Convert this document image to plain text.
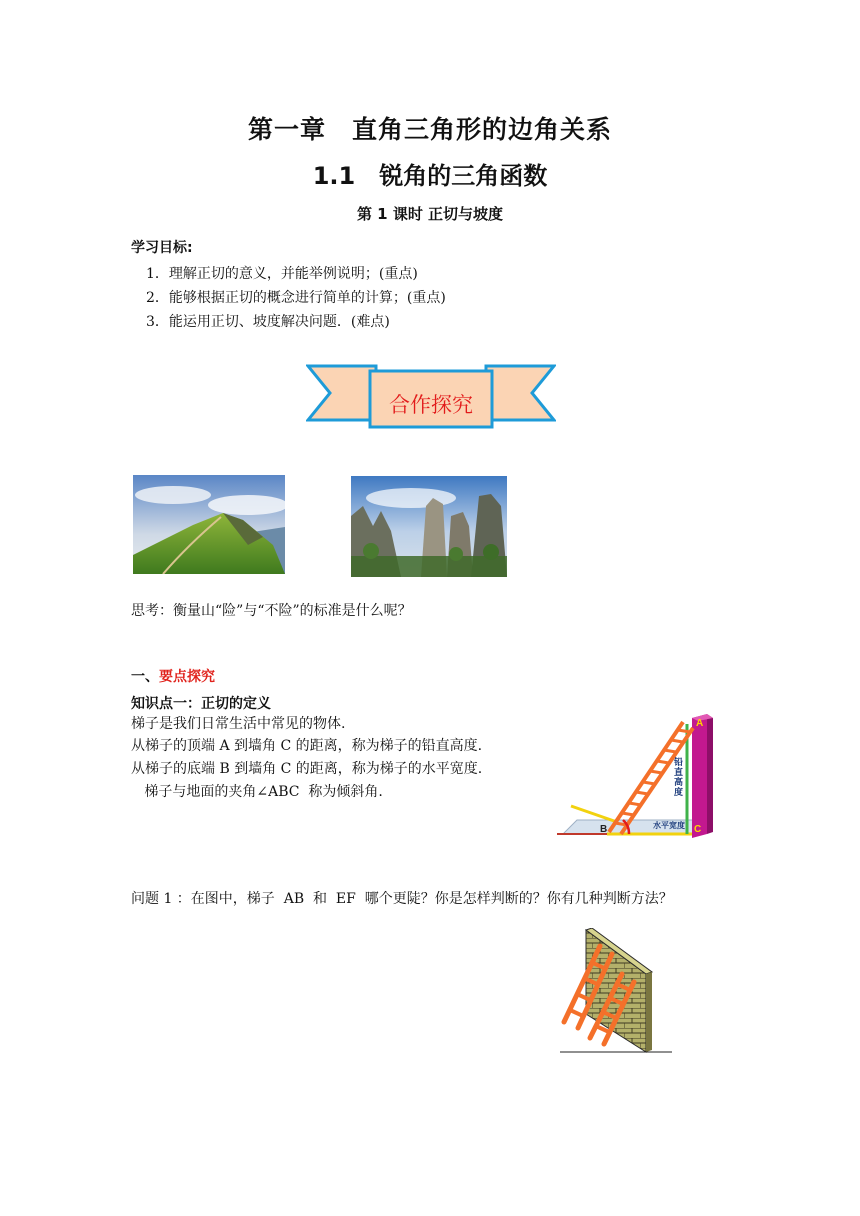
第一章　直角三角形的边角关系
1.1　锐角的三角函数
第 1 课时 正切与坡度
学习目标:
1．理解正切的意义，并能举例说明；(重点)
2．能够根据正切的概念进行简单的计算；(重点)
3．能运用正切、坡度解决问题．(难点)
合作探究
思考：衡量山“险”与“不险”的标准是什么呢？
一、要点探究
知识点一：正切的定义
梯子是我们日常生活中常见的物体.
从梯子的顶端 A 到墙角 C 的距离，称为梯子的铅直高度.
从梯子的底端 B 到墙角 C 的距离，称为梯子的水平宽度.
梯子与地面的夹角∠ABC  称为倾斜角.
A
B	C
水平宽度
铅直高度
问题 1 ：在图中，梯子  AB  和  EF  哪个更陡？你是怎样判断的？你有几种判断方法？
